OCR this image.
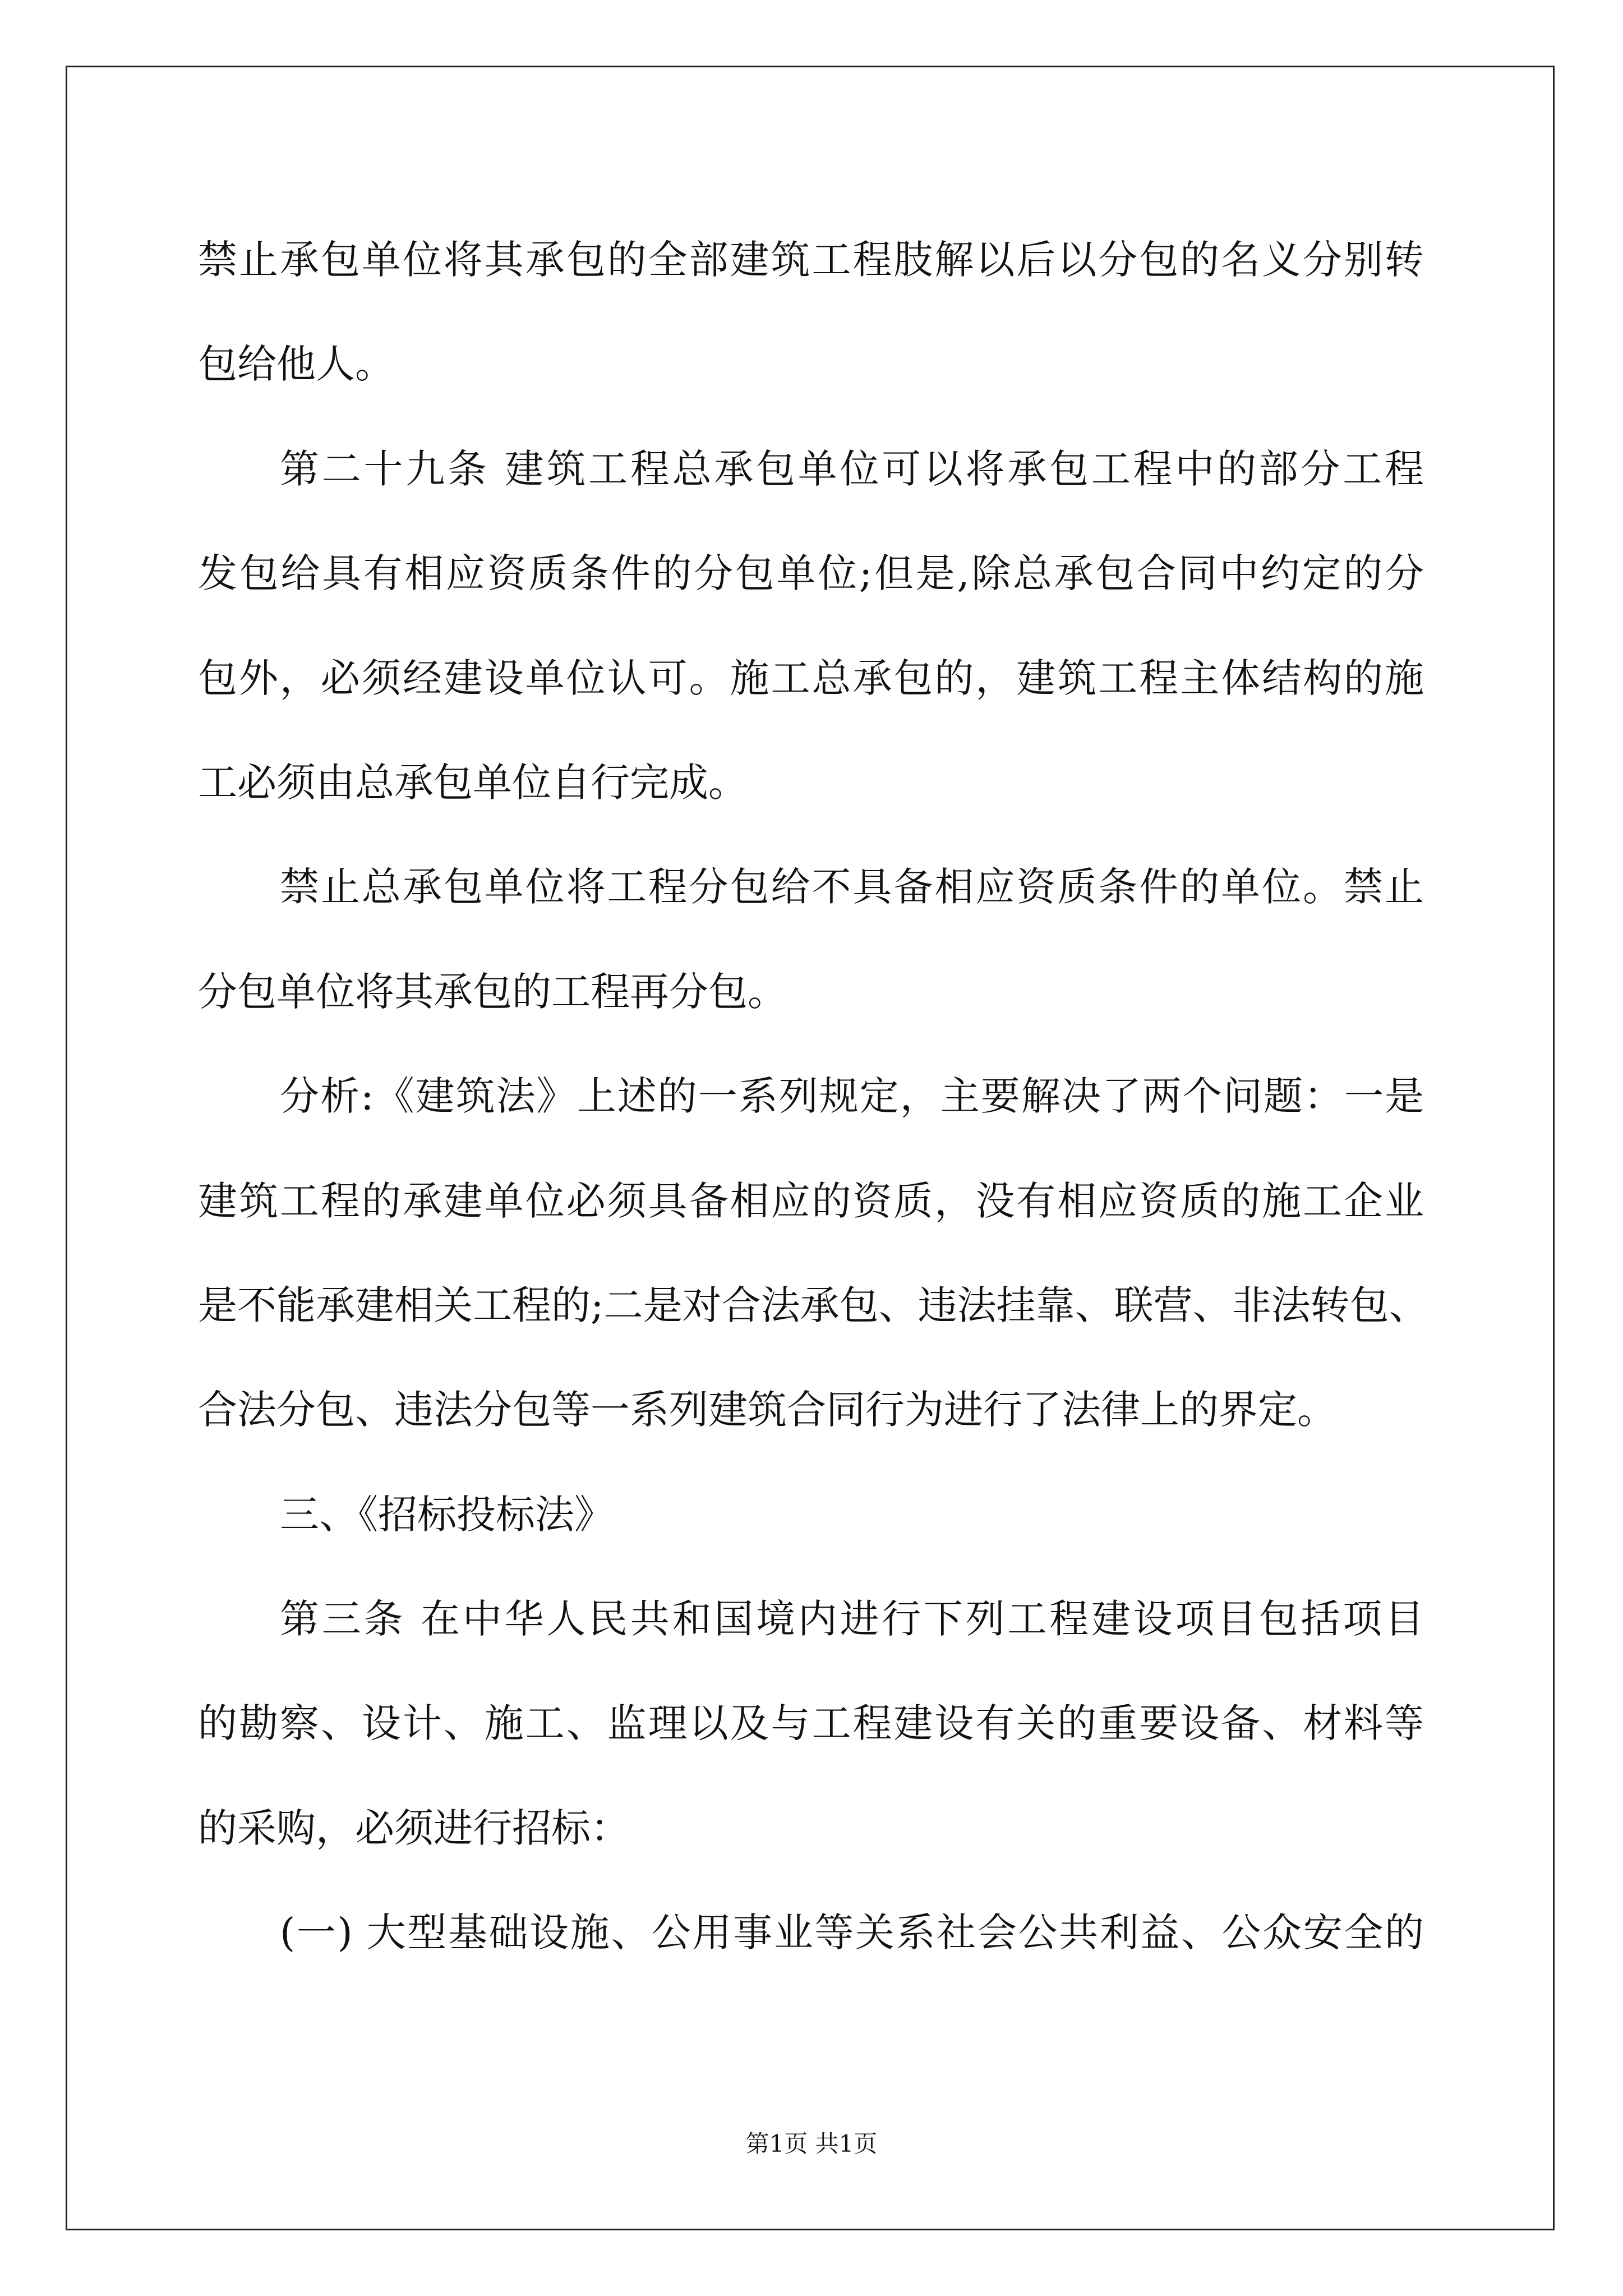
禁止承包单位将其承包的全部建筑工程肢解以后以分包的名义分别转
包给他人。
第二十九条 建筑工程总承包单位可以将承包工程中的部分工程
发包给具有相应资质条件的分包单位;但是,除总承包合同中约定的分
包外，必须经建设单位认可。施工总承包的，建筑工程主体结构的施
工必须由总承包单位自行完成。
禁止总承包单位将工程分包给不具备相应资质条件的单位。禁止
分包单位将其承包的工程再分包。
分析:《建筑法》上述的一系列规定，主要解决了两个问题：一是
建筑工程的承建单位必须具备相应的资质，没有相应资质的施工企业
是不能承建相关工程的;二是对合法承包、违法挂靠、联营、非法转包、
合法分包、违法分包等一系列建筑合同行为进行了法律上的界定。
三、《招标投标法》
第三条 在中华人民共和国境内进行下列工程建设项目包括项目
的勘察、设计、施工、监理以及与工程建设有关的重要设备、材料等
的采购，必须进行招标：
(一) 大型基础设施、公用事业等关系社会公共利益、公众安全的
第1页 共1页
